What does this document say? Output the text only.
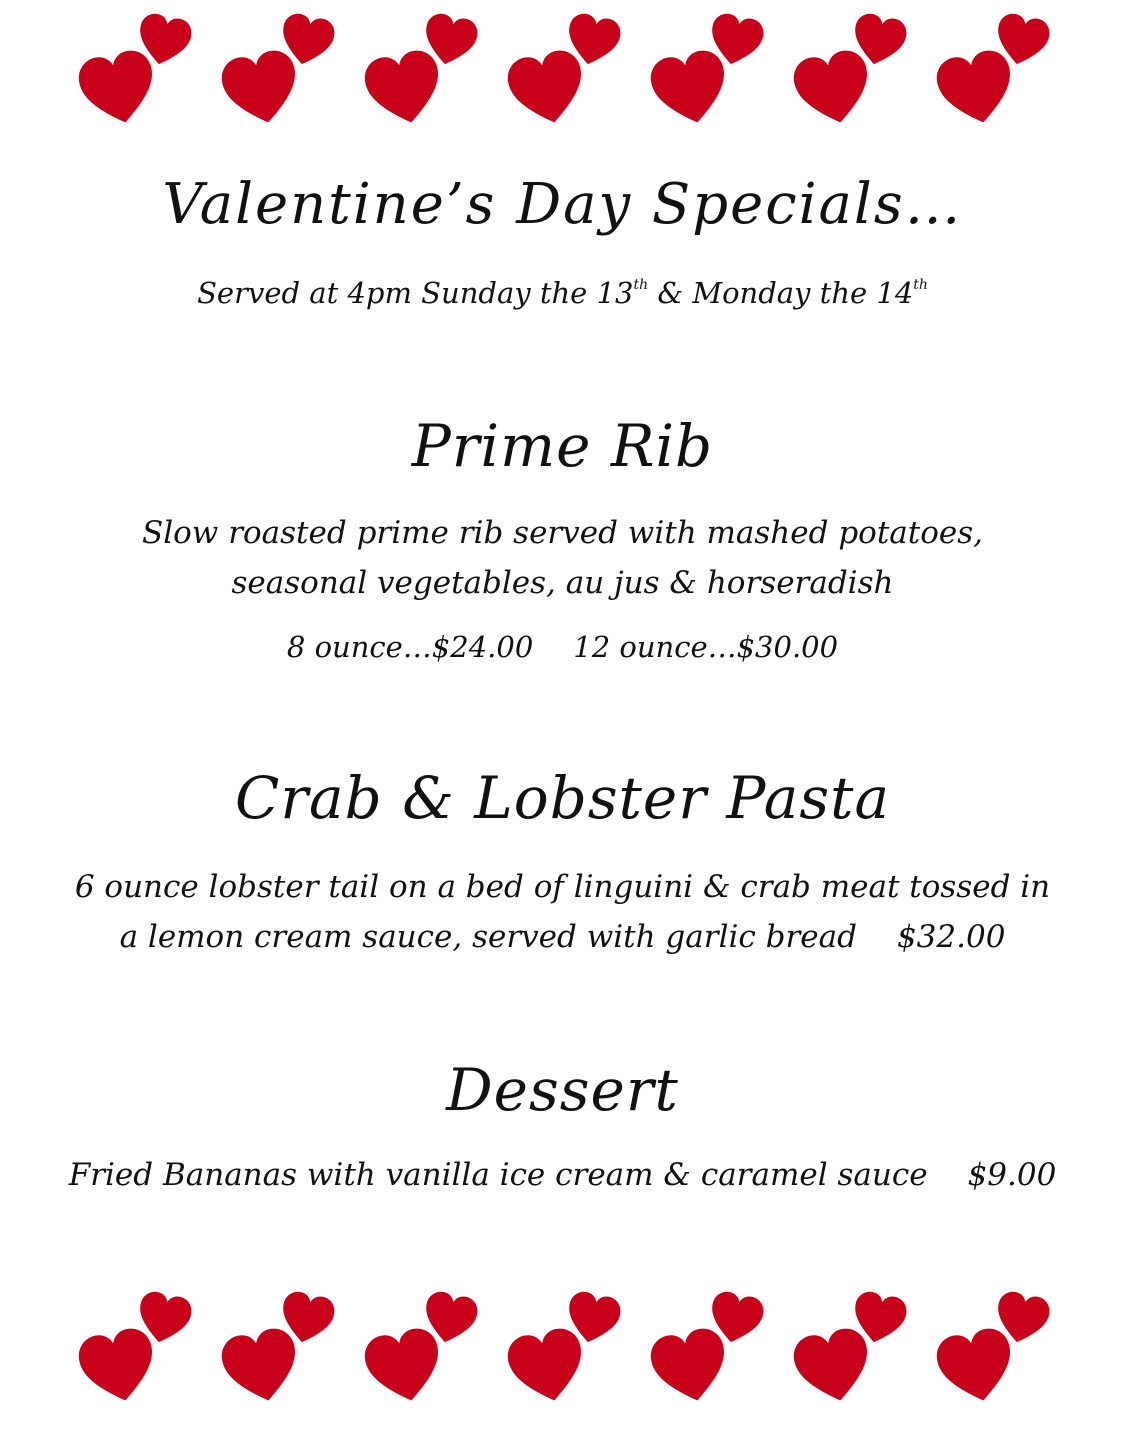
Valentine’s Day Specials…
Served at 4pm Sunday the 13th & Monday the 14th
Prime Rib
Slow roasted prime rib served with mashed potatoes,
seasonal vegetables, au jus & horseradish
8 ounce…$24.00 12 ounce…$30.00
Crab & Lobster Pasta
6 ounce lobster tail on a bed of linguini & crab meat tossed in
a lemon cream sauce, served with garlic bread $32.00
Dessert
Fried Bananas with vanilla ice cream & caramel sauce $9.00
